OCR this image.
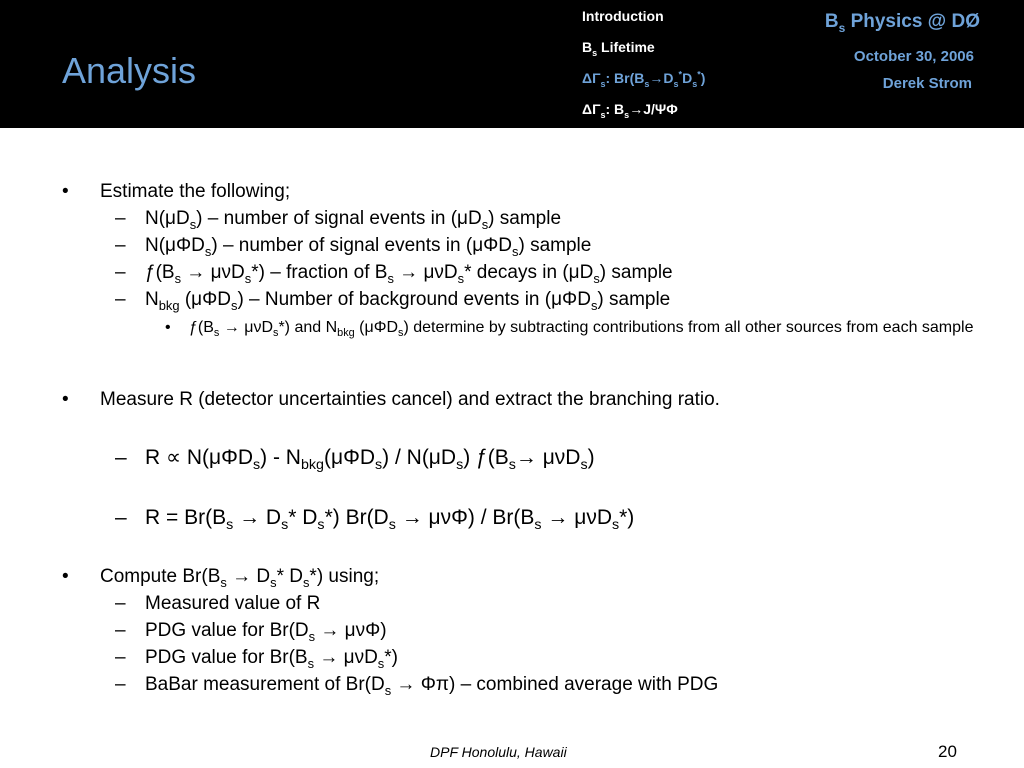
Analysis
Introduction
$B_s$ Lifetime
$\Delta\Gamma_s$: $Br(B_s\to D_s^*D_s^*)$
$\Delta\Gamma_s$: $B_s\to J/\Psi\Phi$
$B_s$ Physics @ DØ
October 30, 2006
Derek Strom
• Estimate the following;
– $N(\mu D_s)$ – number of signal events in $(\mu D_s)$ sample
– N(μΦD$_s$) – number of signal events in (μΦD$_s$) sample
– $ƒ(B_s \to \mu\nu D_s*)$ – fraction of $B_s \to \mu\nu D_s*$ decays in $(\mu D_s)$ sample
– $N_{bkg}$ (μΦD$_s$) – Number of background events in (μΦD$_s$) sample
• $ƒ(B_s \to \mu\nu D_s*)$ and $N_{bkg}$ (μΦD$_s$) determine by subtracting contributions from all other sources from each sample
• Measure R (detector uncertainties cancel) and extract the branching ratio.
– $R \propto N(\mu\Phi D_s) - N_{bkg}(\mu\Phi D_s) / N(\mu D_s)$ $ƒ(B_s\to \mu\nu D_s)$
– $R = Br(B_s \to D_s*$ $D_s*$) $Br(D_s \to \mu\nu\Phi) / Br(B_s \to \mu\nu D_s*)$
• Compute $Br(B_s \to D_s*$ $D_s*$) using;
– Measured value of R
– PDG value for $Br(D_s \to \mu\nu\Phi)$
– PDG value for $Br(B_s \to \mu\nu D_s*)$
– BaBar measurement of $Br(D_s \to \Phi\pi)$ – combined average with PDG
DPF Honolulu, Hawaii	20
